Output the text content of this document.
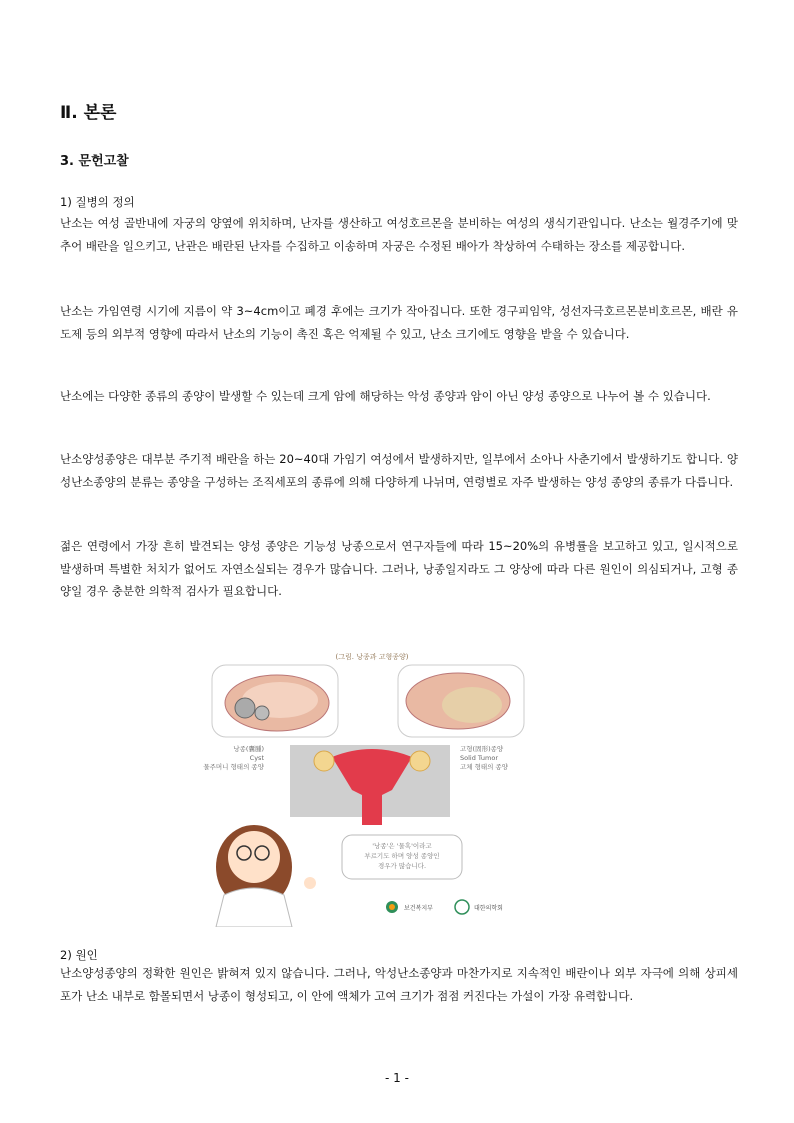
Ⅱ. 본론
3. 문헌고찰
1) 질병의 정의

난소는 여성 골반내에 자궁의 양옆에 위치하며, 난자를 생산하고 여성호르몬을 분비하는 여성의 생식기관입니다. 난소는 월경주기에 맞추어 배란을 일으키고, 난관은 배란된 난자를 수집하고 이송하며 자궁은 수정된 배아가 착상하여 수태하는 장소를 제공합니다.

난소는 가임연령 시기에 지름이 약 3~4cm이고 폐경 후에는 크기가 작아집니다. 또한 경구피임약, 성선자극호르몬분비호르몬, 배란 유도제 등의 외부적 영향에 따라서 난소의 기능이 촉진 혹은 억제될 수 있고, 난소 크기에도 영향을 받을 수 있습니다.

난소에는 다양한 종류의 종양이 발생할 수 있는데 크게 암에 해당하는 악성 종양과 암이 아닌 양성 종양으로 나누어 볼 수 있습니다.

난소양성종양은 대부분 주기적 배란을 하는 20~40대 가임기 여성에서 발생하지만, 일부에서 소아나 사춘기에서 발생하기도 합니다. 양성난소종양의 분류는 종양을 구성하는 조직세포의 종류에 의해 다양하게 나뉘며, 연령별로 자주 발생하는 양성 종양의 종류가 다릅니다.

젊은 연령에서 가장 흔히 발견되는 양성 종양은 기능성 낭종으로서 연구자들에 따라 15~20%의 유병률을 보고하고 있고, 일시적으로 발생하며 특별한 처치가 없어도 자연소실되는 경우가 많습니다. 그러나, 낭종일지라도 그 양상에 따라 다른 원인이 의심되거나, 고형 종양일 경우 충분한 의학적 검사가 필요합니다.

(그림. 낭종과 고형종양)
낭종(囊腫)
Cyst
물주머니 형태의 종양
고형(固形)종양
Solid Tumor
고체 형태의 종양
'낭종'은 '물혹'이라고
부르기도 하며 양성 종양인
경우가 많습니다.
보건복지부	대한의학회
2) 원인

난소양성종양의 정확한 원인은 밝혀져 있지 않습니다. 그러나, 악성난소종양과 마찬가지로 지속적인 배란이나 외부 자극에 의해 상피세포가 난소 내부로 함몰되면서 낭종이 형성되고, 이 안에 액체가 고여 크기가 점점 커진다는 가설이 가장 유력합니다.

- 1 -
